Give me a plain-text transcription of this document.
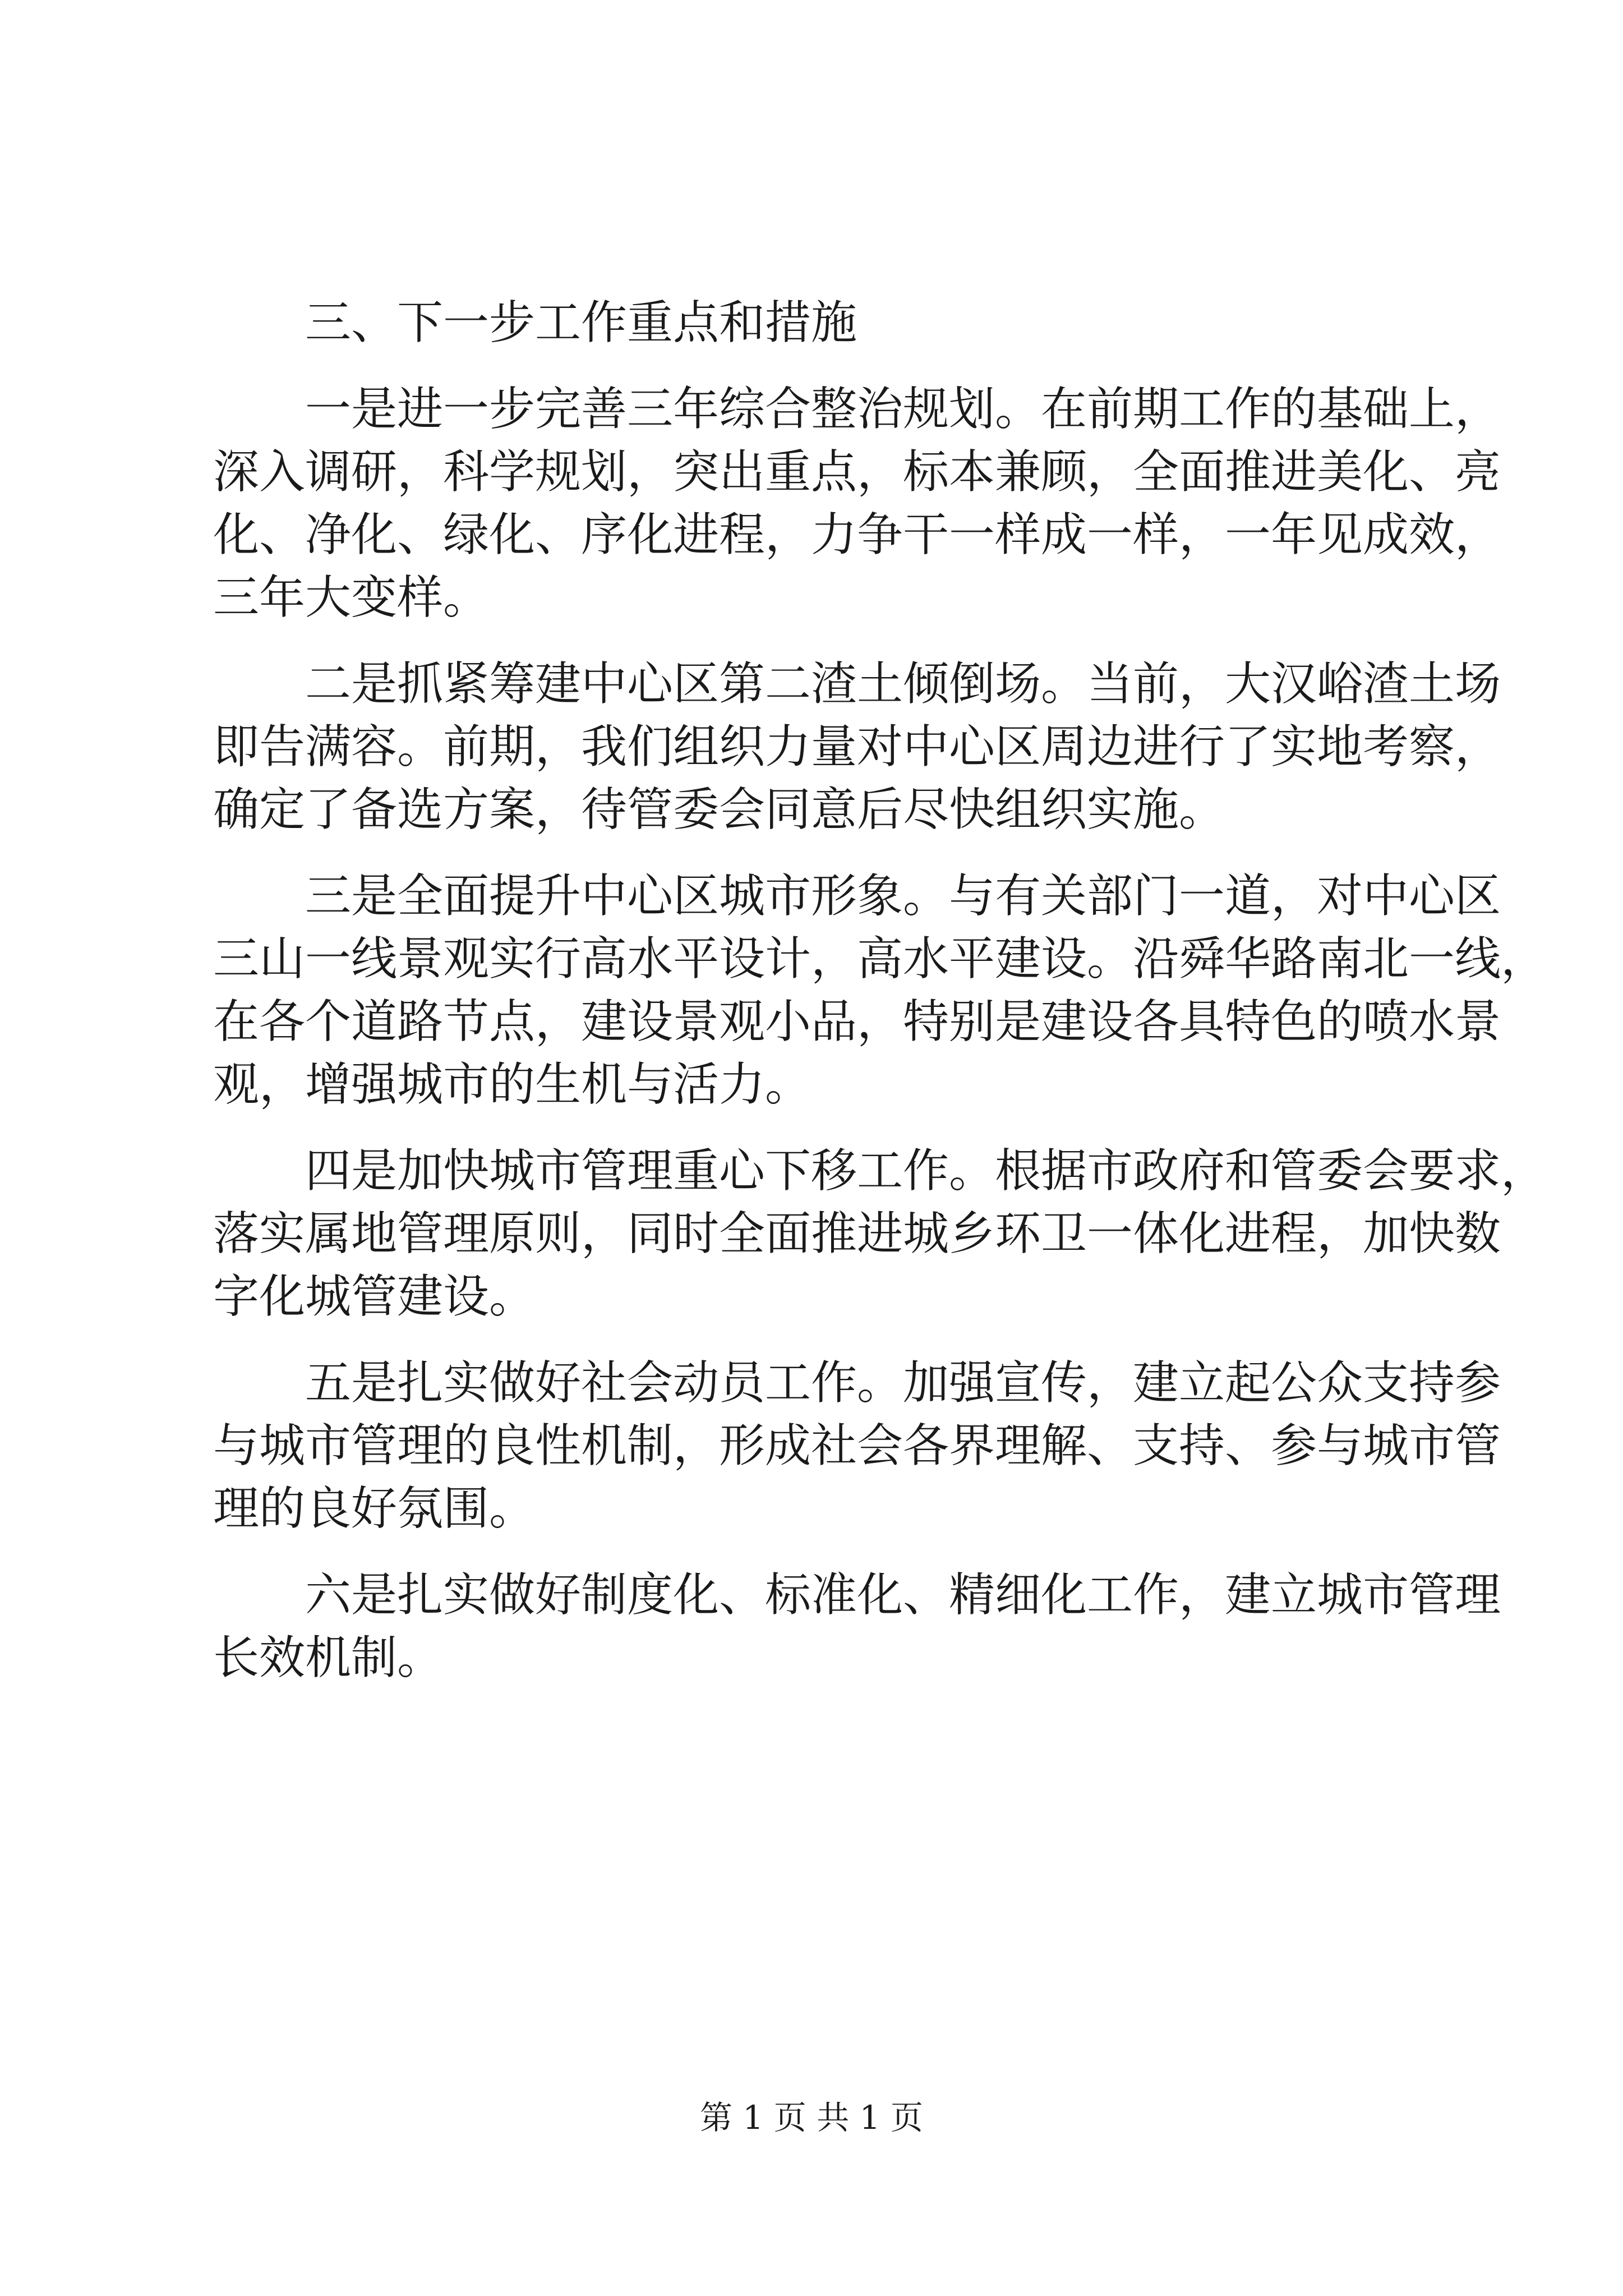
三、下一步工作重点和措施

一是进一步完善三年综合整治规划。在前期工作的基础上，

深入调研，科学规划，突出重点，标本兼顾，全面推进美化、亮

化、净化、绿化、序化进程，力争干一样成一样，一年见成效，

三年大变样。

二是抓紧筹建中心区第二渣土倾倒场。当前，大汉峪渣土场

即告满容。前期，我们组织力量对中心区周边进行了实地考察，

确定了备选方案，待管委会同意后尽快组织实施。

三是全面提升中心区城市形象。与有关部门一道，对中心区

三山一线景观实行高水平设计，高水平建设。沿舜华路南北一线，

在各个道路节点，建设景观小品，特别是建设各具特色的喷水景

观，增强城市的生机与活力。

四是加快城市管理重心下移工作。根据市政府和管委会要求，

落实属地管理原则，同时全面推进城乡环卫一体化进程，加快数

字化城管建设。

五是扎实做好社会动员工作。加强宣传，建立起公众支持参

与城市管理的良性机制，形成社会各界理解、支持、参与城市管

理的良好氛围。

六是扎实做好制度化、标准化、精细化工作，建立城市管理

长效机制。

第 1 页 共 1 页
